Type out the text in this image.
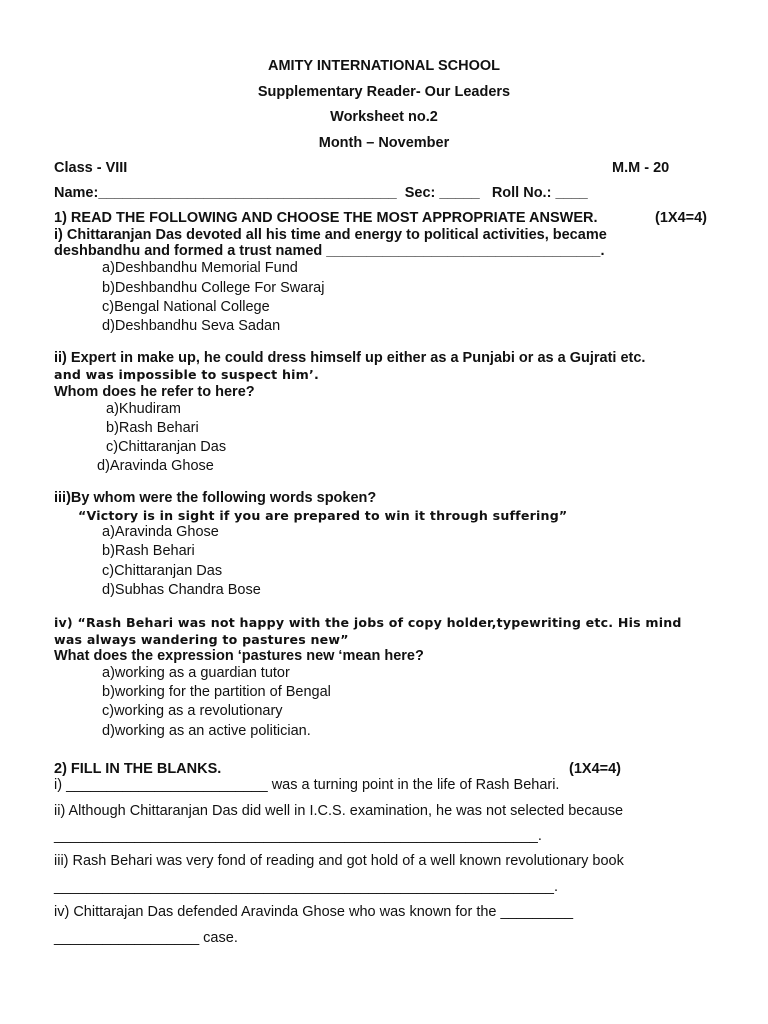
AMITY INTERNATIONAL SCHOOL
Supplementary Reader- Our Leaders
Worksheet no.2
Month – November
Class - VIII	M.M - 20
Name:_____________________________________  Sec: _____   Roll No.: ____
1) READ THE FOLLOWING AND CHOOSE THE MOST APPROPRIATE ANSWER.	(1X4=4)
i) Chittaranjan Das devoted all his time and energy to political activities, became
deshbandhu and formed a trust named __________________________________.
a)Deshbandhu Memorial Fund
b)Deshbandhu College For Swaraj
c)Bengal National College
d)Deshbandhu Seva Sadan
ii) Expert in make up, he could dress himself up either as a Punjabi or as a Gujrati etc.
and was impossible to suspect him’.
Whom does he refer to here?
a)Khudiram
b)Rash Behari
c)Chittaranjan Das
d)Aravinda Ghose
iii)By whom were the following words spoken?
“Victory is in sight if you are prepared to win it through suffering”
a)Aravinda Ghose
b)Rash Behari
c)Chittaranjan Das
d)Subhas Chandra Bose
iv) “Rash Behari was not happy with the jobs of copy holder,typewriting etc. His mind
was always wandering to pastures new”
What does the expression ‘pastures new ‘mean here?
a)working as a guardian tutor
b)working for the partition of Bengal
c)working as a revolutionary
d)working as an active politician.
2) FILL IN THE BLANKS.	(1X4=4)
i) _________________________ was a turning point in the life of Rash Behari.
ii) Although Chittaranjan Das did well in I.C.S. examination, he was not selected because
____________________________________________________________.
iii) Rash Behari was very fond of reading and got hold of a well known revolutionary book
______________________________________________________________.
iv) Chittarajan Das defended Aravinda Ghose who was known for the _________
__________________ case.
